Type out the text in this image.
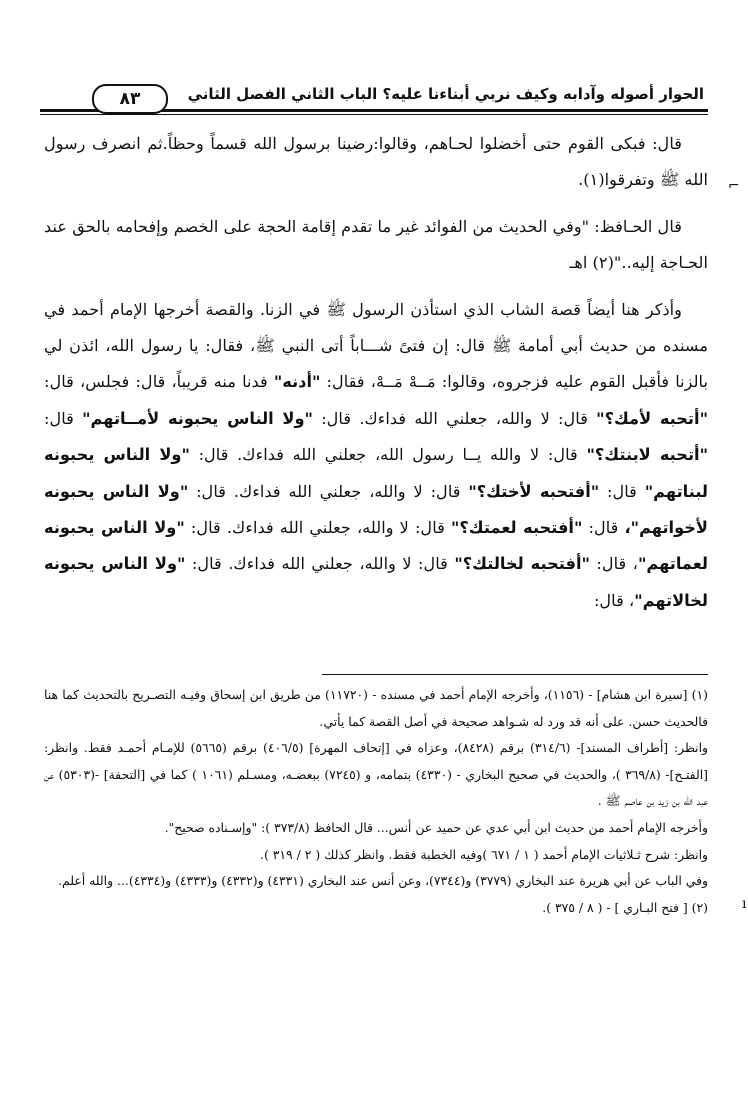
الحوار أصوله وآدابه وكيف نربي أبناءنا عليه؟ الباب الثاني الفصل الثاني
٨٣

قال: فبكى القوم حتى أخضلوا لحـاهم، وقالوا:رضينا برسول الله قسماً وحظاً.ثم انصرف رسول الله ﷺ وتفرقوا(١).

قال الحـافظ: "وفي الحديث من الفوائد غير ما تقدم إقامة الحجة على الخصم وإفحامه بالحق عند الحـاجة إليه.."(٢) اهـ

وأذكر هنا أيضاً قصة الشاب الذي استأذن الرسول ﷺ في الزنا. والقصة أخرجها الإمام أحمد في مسنده من حديث أبي أمامة ﷺ قال: إن فتىً شـــاباً أتى النبي ﷺ، فقال: يا رسول الله، ائذن لي بالزنا فأقبل القوم عليه فزجروه، وقالوا: مَــهْ مَــهْ، فقال: "أدنه" فدنا منه قريباً، قال: فجلس، قال: "أتحبه لأمك؟" قال: لا والله، جعلني الله فداءك. قال: "ولا الناس يحبونه لأمــاتهم" قال: "أتحبه لابنتك؟" قال: لا والله يــا رسول الله، جعلني الله فداءك. قال: "ولا الناس يحبونه لبناتهم" قال: "أفتحبه لأختك؟" قال: لا والله، جعلني الله فداءك. قال: "ولا الناس يحبونه لأخواتهم"، قال: "أفتحبه لعمتك؟" قال: لا والله، جعلني الله فداءك. قال: "ولا الناس يحبونه لعماتهم"، قال: "أفتحبه لخالتك؟" قال: لا والله، جعلني الله فداءك. قال: "ولا الناس يحبونه لخالاتهم"، قال:

(١) [سيرة ابن هشام] - (١١٥٦)، وأخرجه الإمام أحمد في مسنده - (١١٧٢٠) من طريق ابن إسحاق وفيـه التصـريح بالتحديث كما هنا فالحديث حسن. على أنه قد ورد له شـواهد صحيحة في أصل القصة كما يأتي.

وانظر: [أطراف المسند]- (٣١٤/٦) برقم (٨٤٢٨)، وعزاه في [إتحاف المهرة] (٤٠٦/٥) برقم (٥٦٦٥) للإمـام أحمـد فقط. وانظر: [الفتـح]- (٣٦٩/٨ )، والحديث في صحيح البخاري - (٤٣٣٠) بتمامه، و (٧٢٤٥) ببعضـه، ومسـلم (١٠٦١ ) كما في [التحفة] -(٥٣٠٣) عن عبد الله بن زيد بن عاصم ﷺ .

وأخرجه الإمام أحمد من حديث ابن أبي عدي عن حميد عن أنس... قال الحافظ (٣٧٣/٨ ): "وإسـناده صحيح".

وانظر: شرح ثـلاثيات الإمام أحمد ( ١ / ٦٧١ )وفيه الخطبة فقط. وانظر كذلك ( ٢ / ٣١٩ ).

وفي الباب عن أبي هريرة عند البخاري (٣٧٧٩) و(٧٣٤٤)، وعن أنس عند البخاري (٤٣٣١) و(٤٣٣٢) و(٤٣٣٣) و(٤٣٣٤)... والله أعلم.

(٢) [ فتح البـاري ] - ( ٨ / ٣٧٥ ).

⌐
ı
